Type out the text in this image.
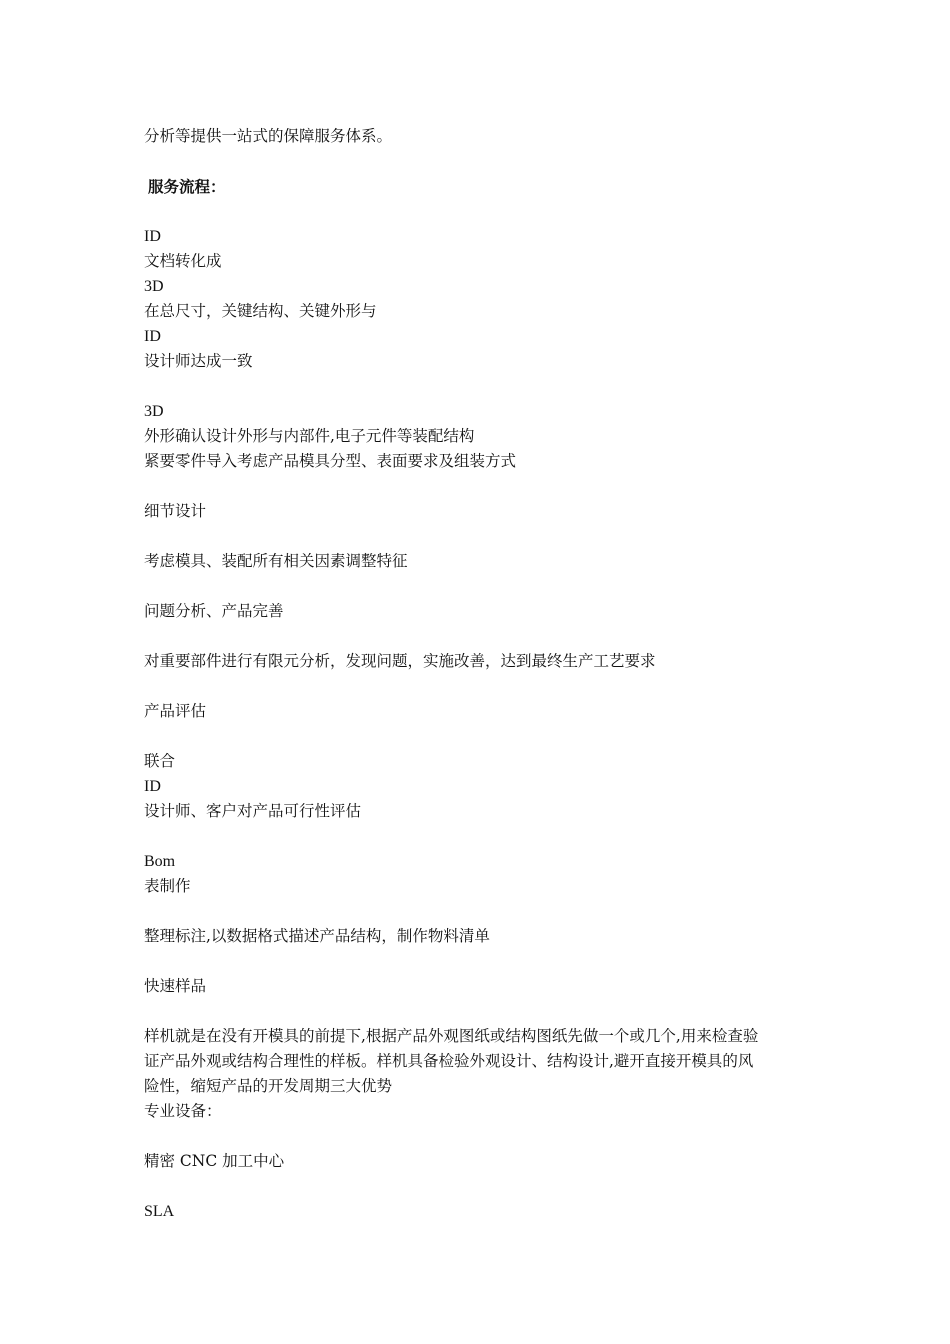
分析等提供一站式的保障服务体系。
服务流程：
ID
文档转化成
3D
在总尺寸，关键结构、关键外形与
ID
设计师达成一致
3D
外形确认设计外形与内部件,电子元件等装配结构
紧要零件导入考虑产品模具分型、表面要求及组装方式
细节设计
考虑模具、装配所有相关因素调整特征
问题分析、产品完善
对重要部件进行有限元分析，发现问题，实施改善，达到最终生产工艺要求
产品评估
联合
ID
设计师、客户对产品可行性评估
Bom
表制作
整理标注,以数据格式描述产品结构，制作物料清单
快速样品
样机就是在没有开模具的前提下,根据产品外观图纸或结构图纸先做一个或几个,用来检查验
证产品外观或结构合理性的样板。样机具备检验外观设计、结构设计,避开直接开模具的风
险性，缩短产品的开发周期三大优势
专业设备：
精密 CNC 加工中心
SLA
